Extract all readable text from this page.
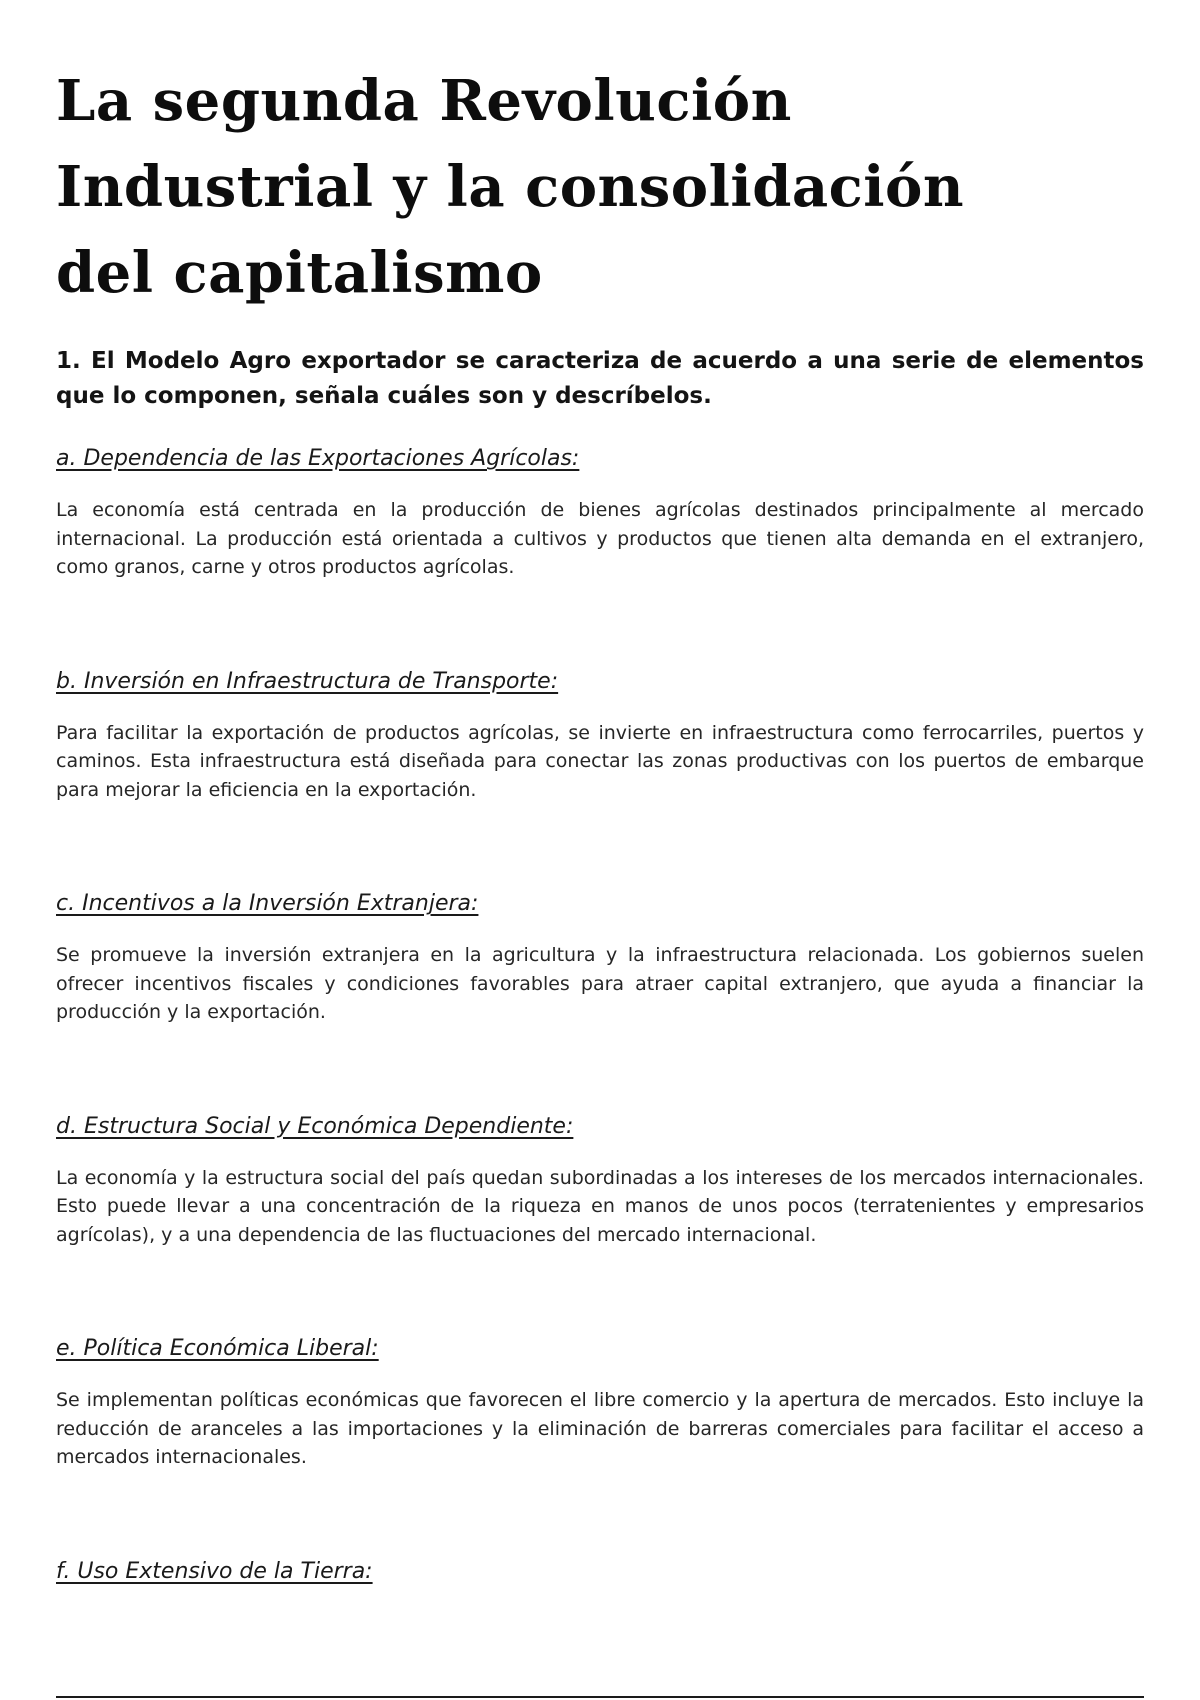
La segunda Revolución
Industrial y la consolidación
del capitalismo

1. El Modelo Agro exportador se caracteriza de acuerdo a una serie de elementos que lo componen, señala cuáles son y descríbelos.

a. Dependencia de las Exportaciones Agrícolas:

La economía está centrada en la producción de bienes agrícolas destinados principalmente al mercado internacional. La producción está orientada a cultivos y productos que tienen alta demanda en el extranjero, como granos, carne y otros productos agrícolas.

b. Inversión en Infraestructura de Transporte:

Para facilitar la exportación de productos agrícolas, se invierte en infraestructura como ferrocarriles, puertos y caminos. Esta infraestructura está diseñada para conectar las zonas productivas con los puertos de embarque para mejorar la eficiencia en la exportación.

c. Incentivos a la Inversión Extranjera:

Se promueve la inversión extranjera en la agricultura y la infraestructura relacionada. Los gobiernos suelen ofrecer incentivos fiscales y condiciones favorables para atraer capital extranjero, que ayuda a financiar la producción y la exportación.

d. Estructura Social y Económica Dependiente:

La economía y la estructura social del país quedan subordinadas a los intereses de los mercados internacionales. Esto puede llevar a una concentración de la riqueza en manos de unos pocos (terratenientes y empresarios agrícolas), y a una dependencia de las fluctuaciones del mercado internacional.

e. Política Económica Liberal:

Se implementan políticas económicas que favorecen el libre comercio y la apertura de mercados. Esto incluye la reducción de aranceles a las importaciones y la eliminación de barreras comerciales para facilitar el acceso a mercados internacionales.

f. Uso Extensivo de la Tierra:
